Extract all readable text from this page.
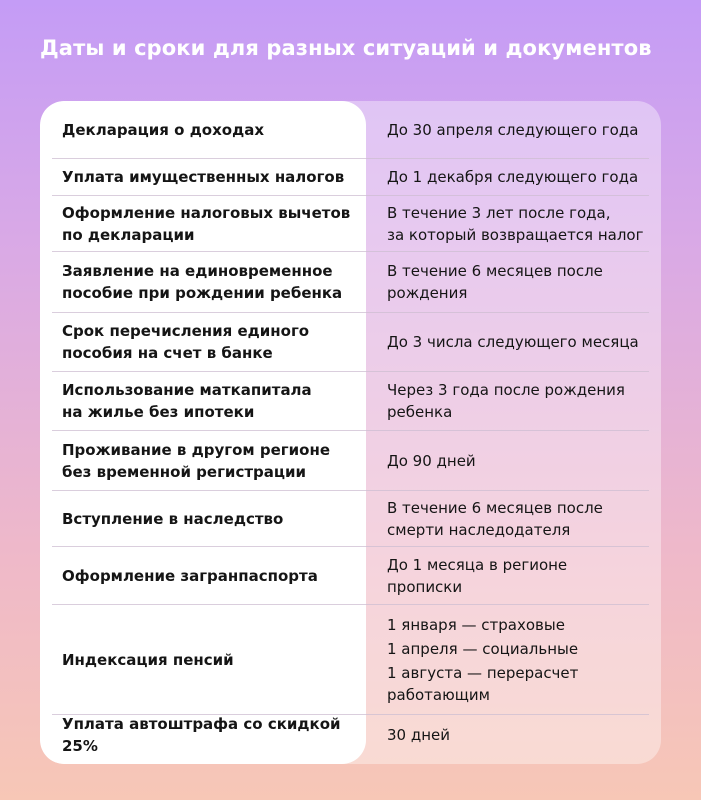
Даты и сроки для разных ситуаций и документов
Декларация о доходах	До 30 апреля следующего года
Уплата имущественных налогов	До 1 декабря следующего года
Оформление налоговых вычетов
по декларации
В течение 3 лет после года,
за который возвращается налог
Заявление на единовременное
пособие при рождении ребенка
В течение 6 месяцев после
рождения
Срок перечисления единого
пособия на счет в банке
До 3 числа следующего месяца
Использование маткапитала
на жилье без ипотеки
Через 3 года после рождения
ребенка
Проживание в другом регионе
без временной регистрации
До 90 дней
Вступление в наследство
В течение 6 месяцев после
смерти наследодателя
Оформление загранпаспорта
До 1 месяца в регионе
прописки
Индексация пенсий
1 января — страховые
1 апреля — социальные
1 августа — перерасчет
работающим
Уплата автоштрафа со скидкой 25%
30 дней
